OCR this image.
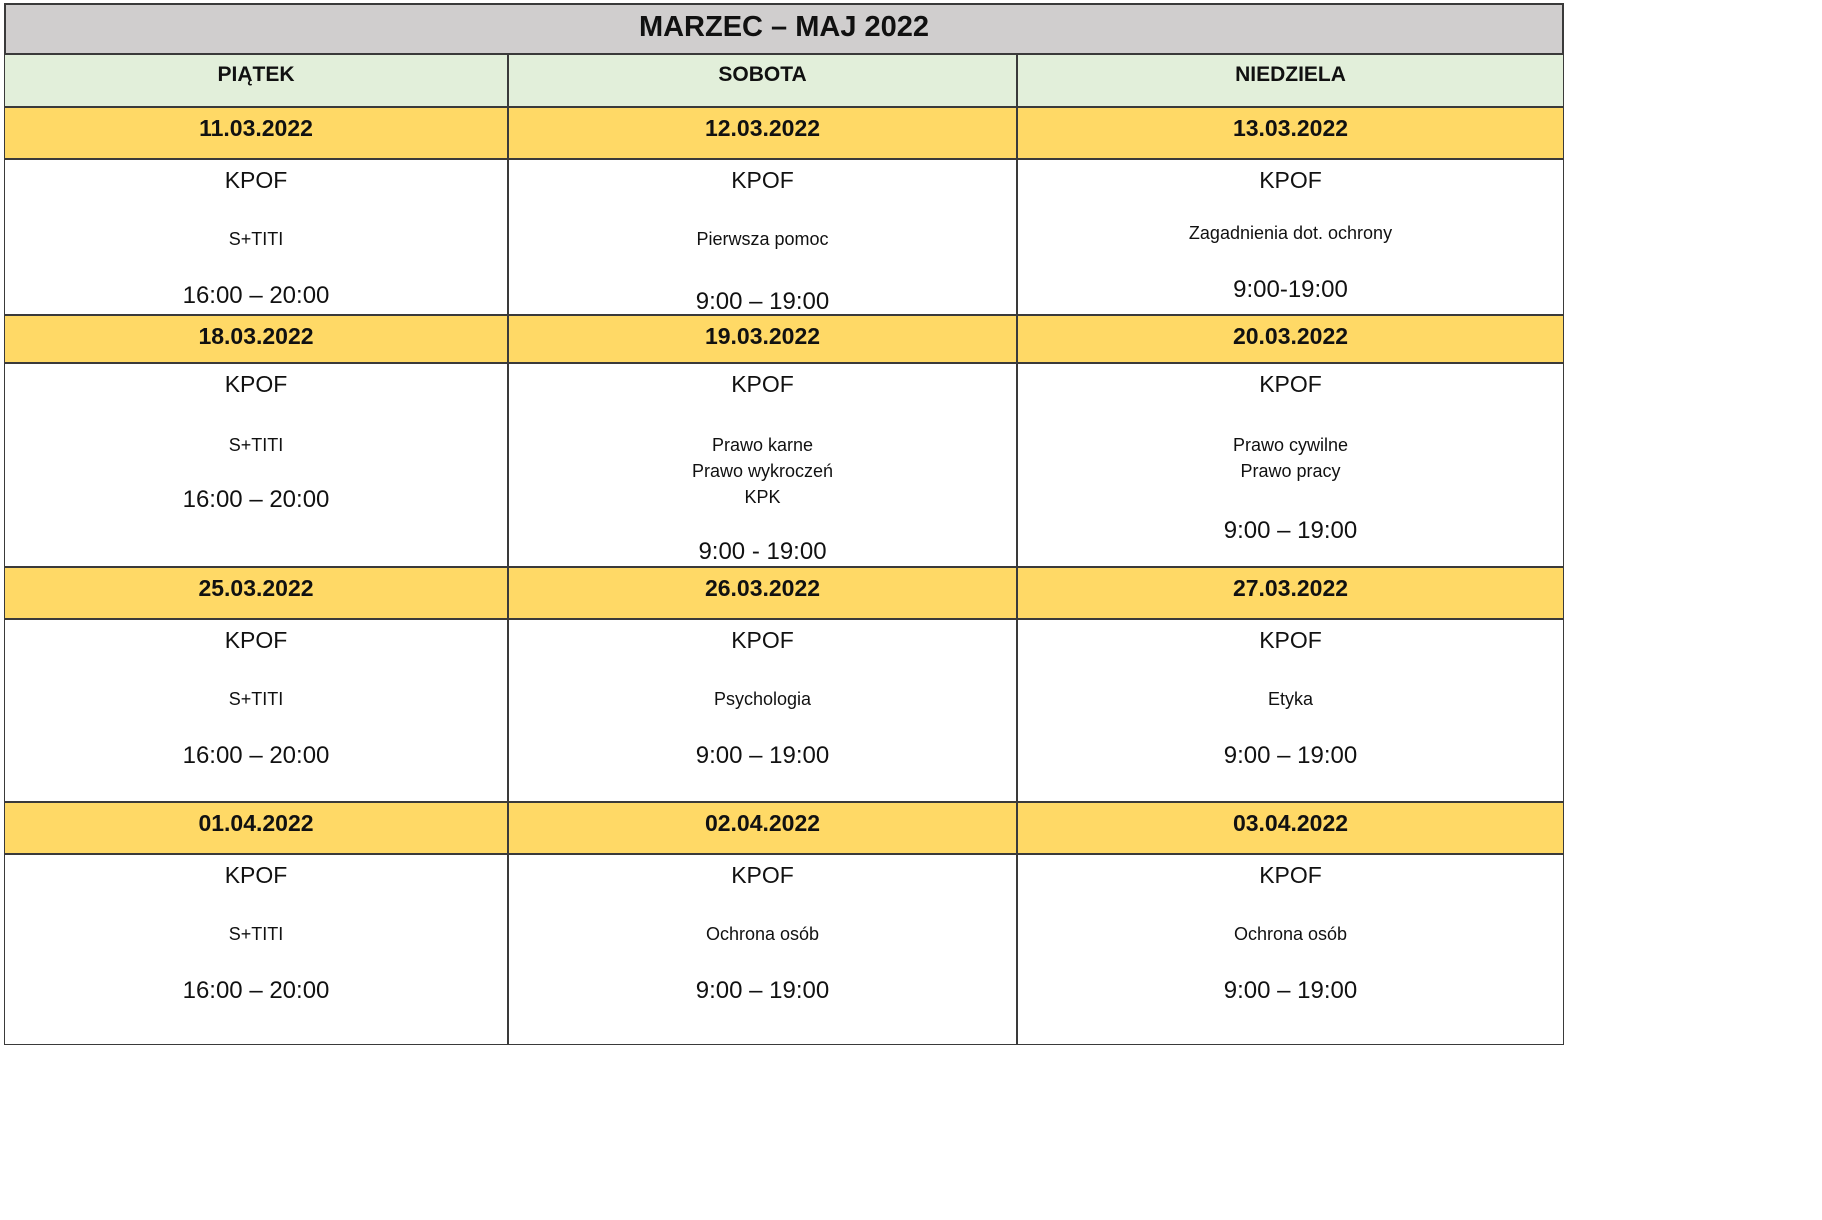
MARZEC – MAJ 2022
PIĄTEK	SOBOTA	NIEDZIELA
11.03.2022
KPOF
S+TITI
16:00 – 20:00
12.03.2022
KPOF
Pierwsza pomoc
9:00 – 19:00
13.03.2022
KPOF
Zagadnienia dot. ochrony
9:00-19:00
18.03.2022
KPOF
S+TITI
16:00 – 20:00
19.03.2022
KPOF
Prawo karne
Prawo wykroczeń
KPK
9:00 - 19:00
20.03.2022
KPOF
Prawo cywilne
Prawo pracy
9:00 – 19:00
25.03.2022
KPOF
S+TITI
16:00 – 20:00
26.03.2022
KPOF
Psychologia
9:00 – 19:00
27.03.2022
KPOF
Etyka
9:00 – 19:00
01.04.2022
KPOF
S+TITI
16:00 – 20:00
02.04.2022
KPOF
Ochrona osób
9:00 – 19:00
03.04.2022
KPOF
Ochrona osób
9:00 – 19:00
